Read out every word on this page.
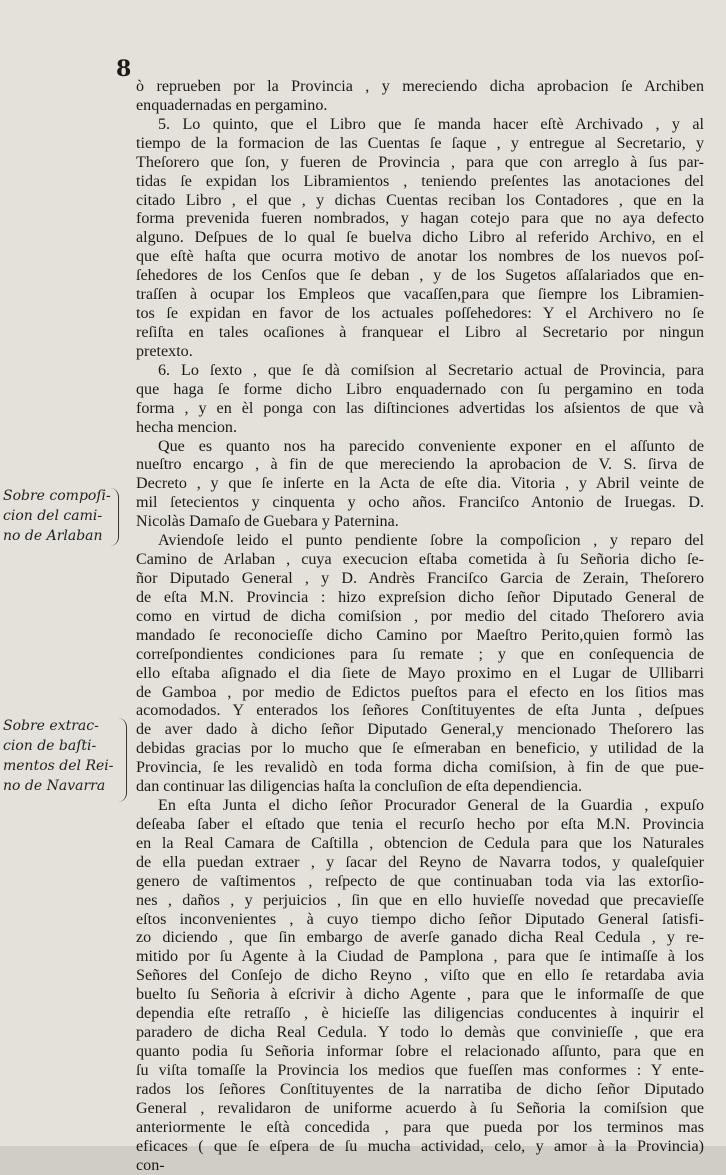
8
Sobre compoſi-
cion del cami-
no de Arlaban
Sobre extrac-
cion de baſti-
mentos del Rei-
no de Navarra
ò reprueben por la Provincia , y mereciendo dicha aprobacion ſe Archiben
enquadernadas en pergamino.
5. Lo quinto, que el Libro que ſe manda hacer eſtè Archivado , y al
tiempo de la formacion de las Cuentas ſe ſaque , y entregue al Secretario, y
Theſorero que ſon, y fueren de Provincia , para que con arreglo à ſus par-
tidas ſe expidan los Libramientos , teniendo preſentes las anotaciones del
citado Libro , el que , y dichas Cuentas reciban los Contadores , que en la
forma prevenida fueren nombrados, y hagan cotejo para que no aya defecto
alguno. Deſpues de lo qual ſe buelva dicho Libro al referido Archivo, en el
que eſtè haſta que ocurra motivo de anotar los nombres de los nuevos poſ-
ſehedores de los Cenſos que ſe deban , y de los Sugetos aſſalariados que en-
traſſen à ocupar los Empleos que vacaſſen,para que ſiempre los Libramien-
tos ſe expidan en favor de los actuales poſſehedores: Y el Archivero no ſe
reſiſta en tales ocaſiones à franquear el Libro al Secretario por ningun
pretexto.
6. Lo ſexto , que ſe dà comiſsion al Secretario actual de Provincia, para
que haga ſe forme dicho Libro enquadernado con ſu pergamino en toda
forma , y en èl ponga con las diſtinciones advertidas los aſsientos de que và
hecha mencion.
Que es quanto nos ha parecido conveniente exponer en el aſſunto de
nueſtro encargo , à fin de que mereciendo la aprobacion de V. S. ſirva de
Decreto , y que ſe inſerte en la Acta de eſte dia. Vitoria , y Abril veinte de
mil ſetecientos y cinquenta y ocho años. Franciſco Antonio de Iruegas. D.
Nicolàs Damaſo de Guebara y Paternina.
Aviendoſe leido el punto pendiente ſobre la compoſicion , y reparo del
Camino de Arlaban , cuya execucion eſtaba cometida à ſu Señoria dicho ſe-
ñor Diputado General , y D. Andrès Franciſco Garcia de Zerain, Theſorero
de eſta M.N. Provincia : hizo expreſsion dicho ſeñor Diputado General de
como en virtud de dicha comiſsion , por medio del citado Theſorero avia
mandado ſe reconocieſſe dicho Camino por Maeſtro Perito,quien formò las
correſpondientes condiciones para ſu remate ; y que en conſequencia de
ello eſtaba aſignado el dia ſiete de Mayo proximo en el Lugar de Ullibarri
de Gamboa , por medio de Edictos pueſtos para el efecto en los ſitios mas
acomodados. Y enterados los ſeñores Conſtituyentes de eſta Junta , deſpues
de aver dado à dicho ſeñor Diputado General,y mencionado Theſorero las
debidas gracias por lo mucho que ſe eſmeraban en beneficio, y utilidad de la
Provincia, ſe les revalidò en toda forma dicha comiſsion, à fin de que pue-
dan continuar las diligencias haſta la concluſion de eſta dependiencia.
En eſta Junta el dicho ſeñor Procurador General de la Guardia , expuſo
deſeaba ſaber el eſtado que tenia el recurſo hecho por eſta M.N. Provincia
en la Real Camara de Caſtilla , obtencion de Cedula para que los Naturales
de ella puedan extraer , y ſacar del Reyno de Navarra todos, y qualeſquier
genero de vaſtimentos , reſpecto de que continuaban toda via las extorſio-
nes , daños , y perjuicios , ſin que en ello huvieſſe novedad que precavieſſe
eſtos inconvenientes , à cuyo tiempo dicho ſeñor Diputado General ſatisfi-
zo diciendo , que ſin embargo de averſe ganado dicha Real Cedula , y re-
mitido por ſu Agente à la Ciudad de Pamplona , para que ſe intimaſſe à los
Señores del Conſejo de dicho Reyno , viſto que en ello ſe retardaba avia
buelto ſu Señoria à eſcrivir à dicho Agente , para que le informaſſe de que
dependia eſte retraſſo , è hicieſſe las diligencias conducentes à inquirir el
paradero de dicha Real Cedula. Y todo lo demàs que convinieſſe , que era
quanto podia ſu Señoria informar ſobre el relacionado aſſunto, para que en
ſu viſta tomaſſe la Provincia los medios que fueſſen mas conformes : Y ente-
rados los ſeñores Conſtituyentes de la narratiba de dicho ſeñor Diputado
General , revalidaron de uniforme acuerdo à ſu Señoria la comiſsion que
anteriormente le eſtà concedida , para que pueda por los terminos mas
eficaces ( que ſe eſpera de ſu mucha actividad, celo, y amor à la Provincia)
con-
